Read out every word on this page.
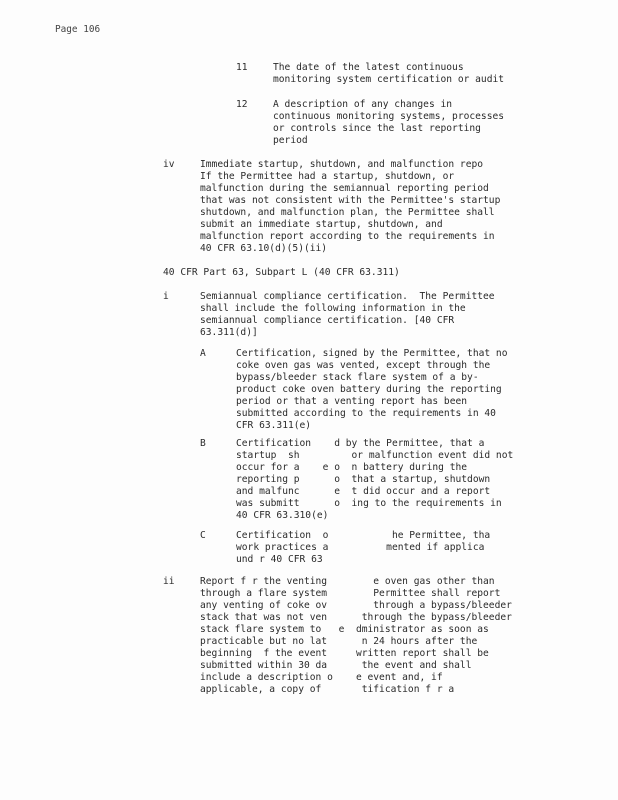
Page 106
11	The date of the latest continuous
monitoring system certification or audit
12	A description of any changes in
continuous monitoring systems, processes
or controls since the last reporting
period
iv	Immediate startup, shutdown, and malfunction repo
If the Permittee had a startup, shutdown, or
malfunction during the semiannual reporting period
that was not consistent with the Permittee's startup
shutdown, and malfunction plan, the Permittee shall
submit an immediate startup, shutdown, and
malfunction report according to the requirements in
40 CFR 63.10(d)(5)(ii)
40 CFR Part 63, Subpart L (40 CFR 63.311)
i	Semiannual compliance certification.  The Permittee
shall include the following information in the
semiannual compliance certification. [40 CFR
63.311(d)]
A	Certification, signed by the Permittee, that no
coke oven gas was vented, except through the
bypass/bleeder stack flare system of a by-
product coke oven battery during the reporting
period or that a venting report has been
submitted according to the requirements in 40
CFR 63.311(e)
B	Certification    d by the Permittee, that a
startup  sh         or malfunction event did not
occur for a    e o  n battery during the
reporting p      o  that a startup, shutdown
and malfunc      e  t did occur and a report
was submitt      o  ing to the requirements in
40 CFR 63.310(e)
C	Certification  o           he Permittee, tha
work practices a          mented if applica
und r 40 CFR 63
ii	Report f r the venting        e oven gas other than
through a flare system        Permittee shall report
any venting of coke ov        through a bypass/bleeder
stack that was not ven      through the bypass/bleeder
stack flare system to   e  dministrator as soon as
practicable but no lat      n 24 hours after the
beginning  f the event     written report shall be
submitted within 30 da      the event and shall
include a description o    e event and, if
applicable, a copy of       tification f r a
